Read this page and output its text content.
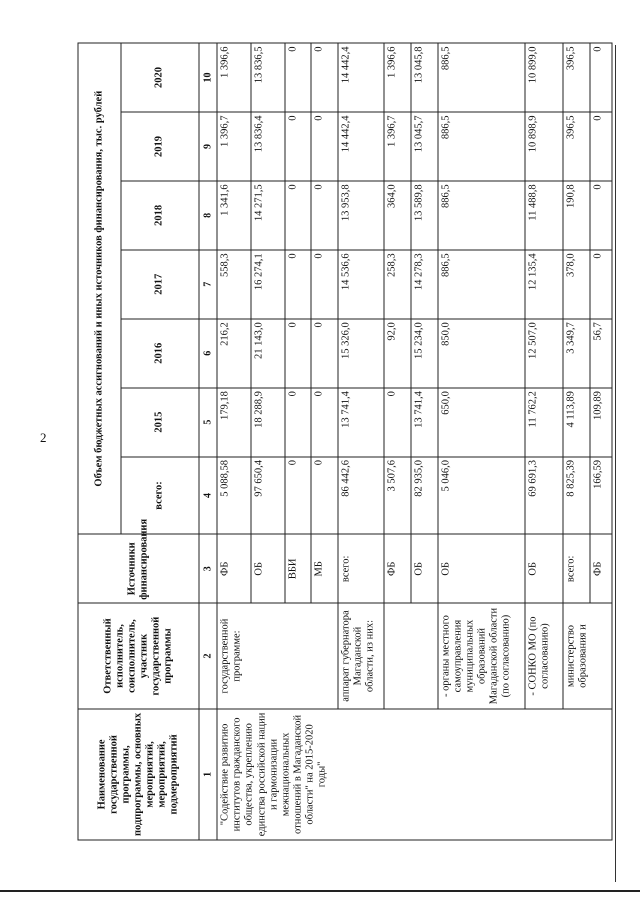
2
Наименование государственной программы, подпрограммы, основных мероприятий, мероприятий, подмероприятий	Ответственный исполнитель, соисполнитель, участник государственной программы	Источники финансирования	Объем бюджетных ассигнований и иных источников финансирования, тыс. рублей						
			всего:	2015	2016	2017	2018	2019	2020
1	2	3	4	5	6	7	8	9	10
"Содействие развитию институтов гражданского общества, укреплению единства российской нации и гармонизации межнациональных отношений в Магаданской области" на 2015-2020 годы"	государственной программе:	ФБ	5 088,58	179,18	216,2	558,3	1 341,6	1 396,7	1 396,6
		ОБ	97 650,4	18 288,9	21 143,0	16 274,1	14 271,5	13 836,4	13 836,5
		ВБИ	0	0	0	0	0	0	0
		МБ	0	0	0	0	0	0	0
	аппарат губернатора Магаданской области, из них:	всего:	86 442,6	13 741,4	15 326,0	14 536,6	13 953,8	14 442,4	14 442,4
		ФБ	3 507,6	0	92,0	258,3	364,0	1 396,7	1 396,6
		ОБ	82 935,0	13 741,4	15 234,0	14 278,3	13 589,8	13 045,7	13 045,8
	- органы местного самоуправления муниципальных образований Магаданской области (по согласованию)	ОБ	5 046,0	650,0	850,0	886,5	886,5	886,5	886,5
	- СОНКО МО (по согласованию)	ОБ	69 691,3	11 762,2	12 507,0	12 135,4	11 488,8	10 898,9	10 899,0
	министерство образования и	всего:	8 825,39	4 113,89	3 349,7	378,0	190,8	396,5	396,5
		ФБ	166,59	109,89	56,7	0	0	0	0
